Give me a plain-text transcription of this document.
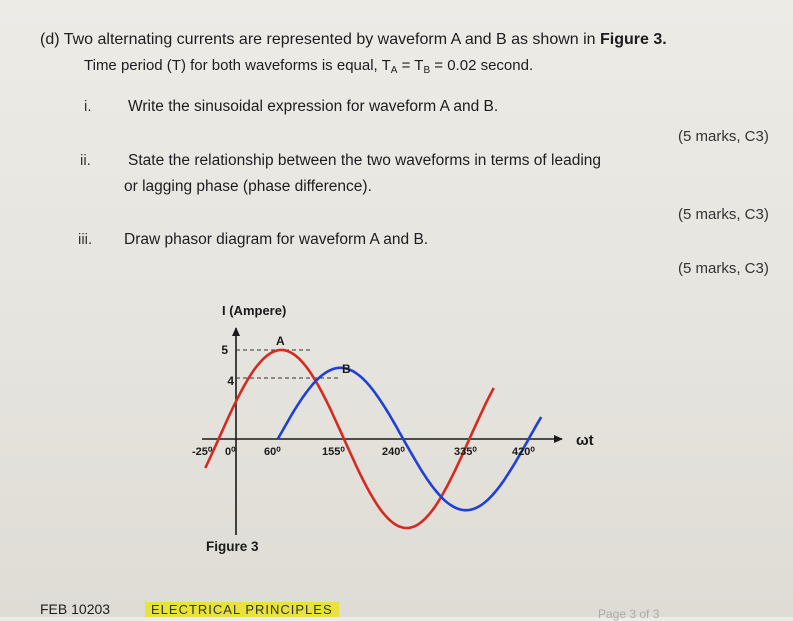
(d) Two alternating currents are represented by waveform A and B as shown in Figure 3.
Time period (T) for both waveforms is equal, $T_A = T_B = 0.02$ second.
i. Write the sinusoidal expression for waveform A and B.
(5 marks, C3)
ii. State the relationship between the two waveforms in terms of leading
or lagging phase (phase difference).
(5 marks, C3)
iii. Draw phasor diagram for waveform A and B.
(5 marks, C3)
I (Ampere)
ωt
5
4
A
B
-25⁰ 0⁰	60⁰	155⁰	240⁰	335⁰	420⁰
Figure 3
FEB 10203	ELECTRICAL PRINCIPLES	Page 3 of 3
